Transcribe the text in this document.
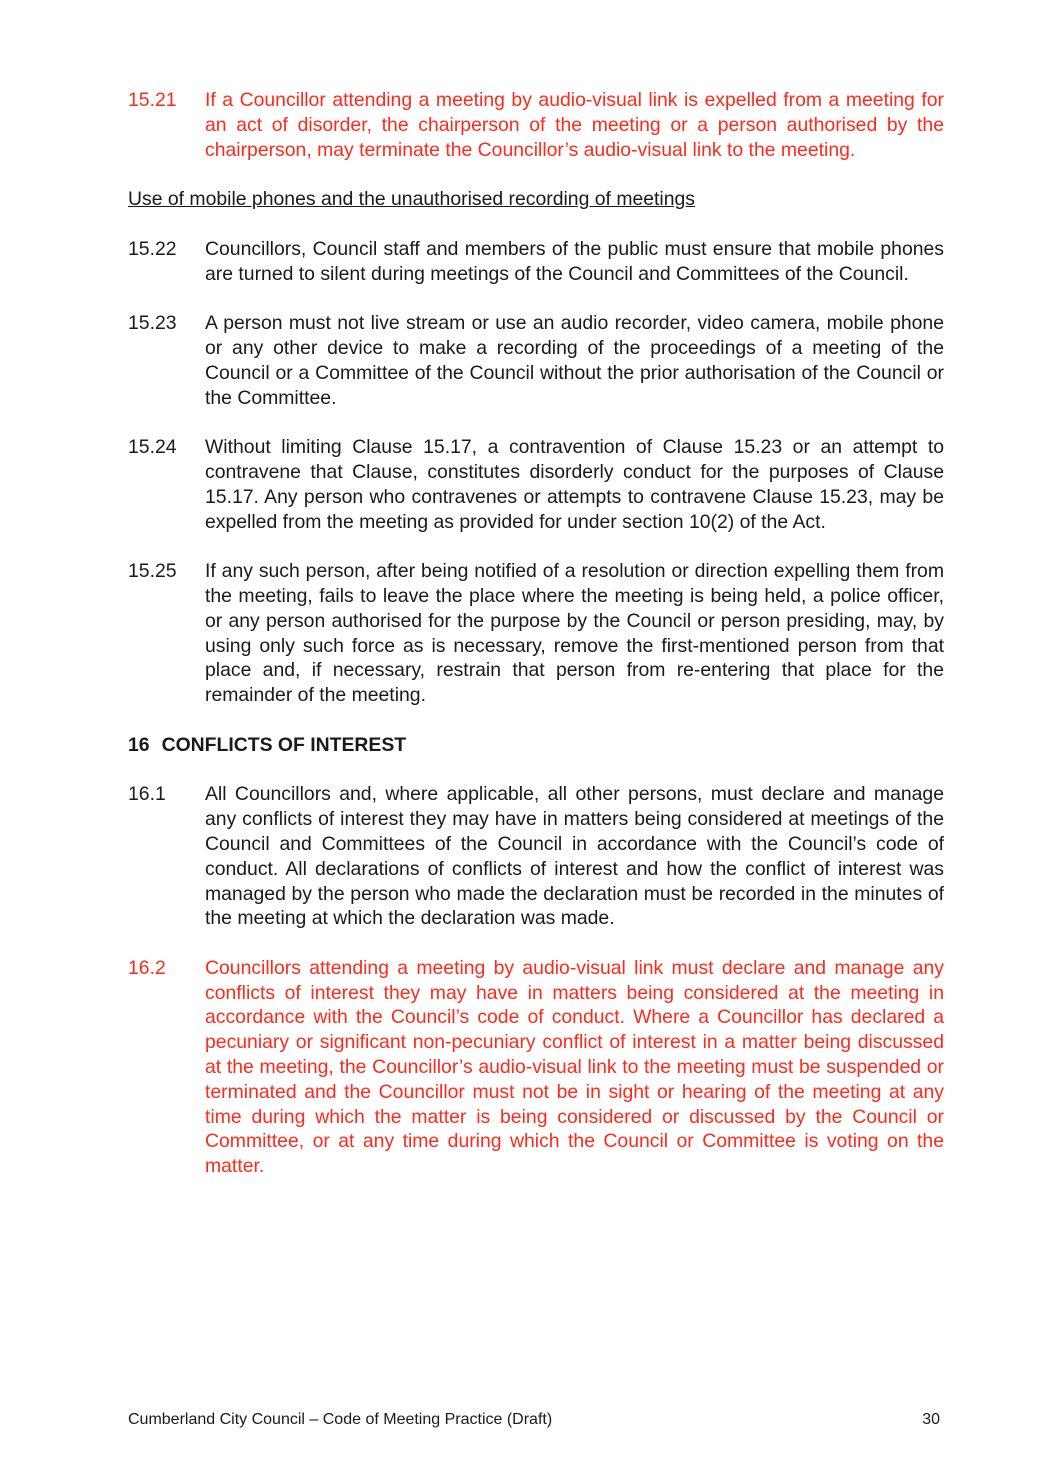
15.21	If a Councillor attending a meeting by audio-visual link is expelled from a meeting for an act of disorder, the chairperson of the meeting or a person authorised by the chairperson, may terminate the Councillor’s audio-visual link to the meeting.
Use of mobile phones and the unauthorised recording of meetings
15.22	Councillors, Council staff and members of the public must ensure that mobile phones are turned to silent during meetings of the Council and Committees of the Council.
15.23	A person must not live stream or use an audio recorder, video camera, mobile phone or any other device to make a recording of the proceedings of a meeting of the Council or a Committee of the Council without the prior authorisation of the Council or the Committee.
15.24	Without limiting Clause 15.17, a contravention of Clause 15.23 or an attempt to contravene that Clause, constitutes disorderly conduct for the purposes of Clause 15.17. Any person who contravenes or attempts to contravene Clause 15.23, may be expelled from the meeting as provided for under section 10(2) of the Act.
15.25	If any such person, after being notified of a resolution or direction expelling them from the meeting, fails to leave the place where the meeting is being held, a police officer, or any person authorised for the purpose by the Council or person presiding, may, by using only such force as is necessary, remove the first-mentioned person from that place and, if necessary, restrain that person from re-entering that place for the remainder of the meeting.
16 CONFLICTS OF INTEREST
16.1	All Councillors and, where applicable, all other persons, must declare and manage any conflicts of interest they may have in matters being considered at meetings of the Council and Committees of the Council in accordance with the Council’s code of conduct. All declarations of conflicts of interest and how the conflict of interest was managed by the person who made the declaration must be recorded in the minutes of the meeting at which the declaration was made.
16.2	Councillors attending a meeting by audio-visual link must declare and manage any conflicts of interest they may have in matters being considered at the meeting in accordance with the Council’s code of conduct. Where a Councillor has declared a pecuniary or significant non-pecuniary conflict of interest in a matter being discussed at the meeting, the Councillor’s audio-visual link to the meeting must be suspended or terminated and the Councillor must not be in sight or hearing of the meeting at any time during which the matter is being considered or discussed by the Council or Committee, or at any time during which the Council or Committee is voting on the matter.
Cumberland City Council – Code of Meeting Practice (Draft)	30
